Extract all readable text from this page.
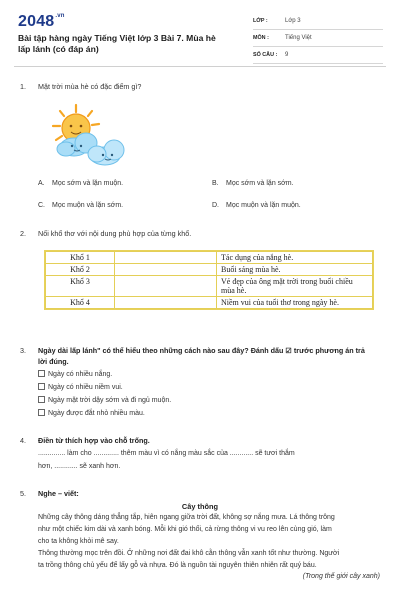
$2048^{.vn}$
Bài tập hàng ngày Tiếng Việt lớp 3 Bài 7. Mùa hè lấp lánh (có đáp án)
LỚP :	Lớp 3
MÔN :	Tiếng Việt
SỐ CÂU :	9
1. Mặt trời mùa hè có đặc điểm gì?
A. Mọc sớm và lặn muộn.	B. Mọc sớm và lặn sớm.
C. Mọc muộn và lặn sớm.	D. Mọc muộn và lặn muộn.
2. Nối khổ thơ với nội dung phù hợp của từng khổ.
Khổ 1		Tác dụng của nắng hè.
Khổ 2		Buổi sáng mùa hè.
Khổ 3		Vẻ đẹp của ông mặt trời trong buổi chiều mùa hè.
Khổ 4		Niềm vui của tuổi thơ trong ngày hè.
3. Ngày dài lấp lánh" có thể hiểu theo những cách nào sau đây? Đánh dấu ☑ trước phương án trả
lời đúng.
Ngày có nhiều nắng.
Ngày có nhiều niềm vui.
Ngày mặt trời dậy sớm và đi ngủ muộn.
Ngày được đắt nhỏ nhiều màu.
4. Điền từ thích hợp vào chỗ trống.
.............. làm cho ............. thêm màu vì có nắng màu sắc của ............ sẽ tươi thắm
hơn, ............ sẽ xanh hơn.
5. Nghe – viết:
Cây thông
Những cây thông dáng thẳng tắp, hiên ngang giữa trời đất, không sợ nắng mưa. Lá thông trông
như một chiếc kim dài và xanh bóng. Mỗi khi gió thổi, cả rừng thông vi vu reo lên cùng gió, làm
cho ta không khỏi mê say.
Thông thường mọc trên đồi. Ở những nơi đất đai khô cằn thông vẫn xanh tốt như thường. Người
ta trồng thông chủ yếu để lấy gỗ và nhựa. Đó là nguồn tài nguyên thiên nhiên rất quý báu.
(Trong thế giới cây xanh)
